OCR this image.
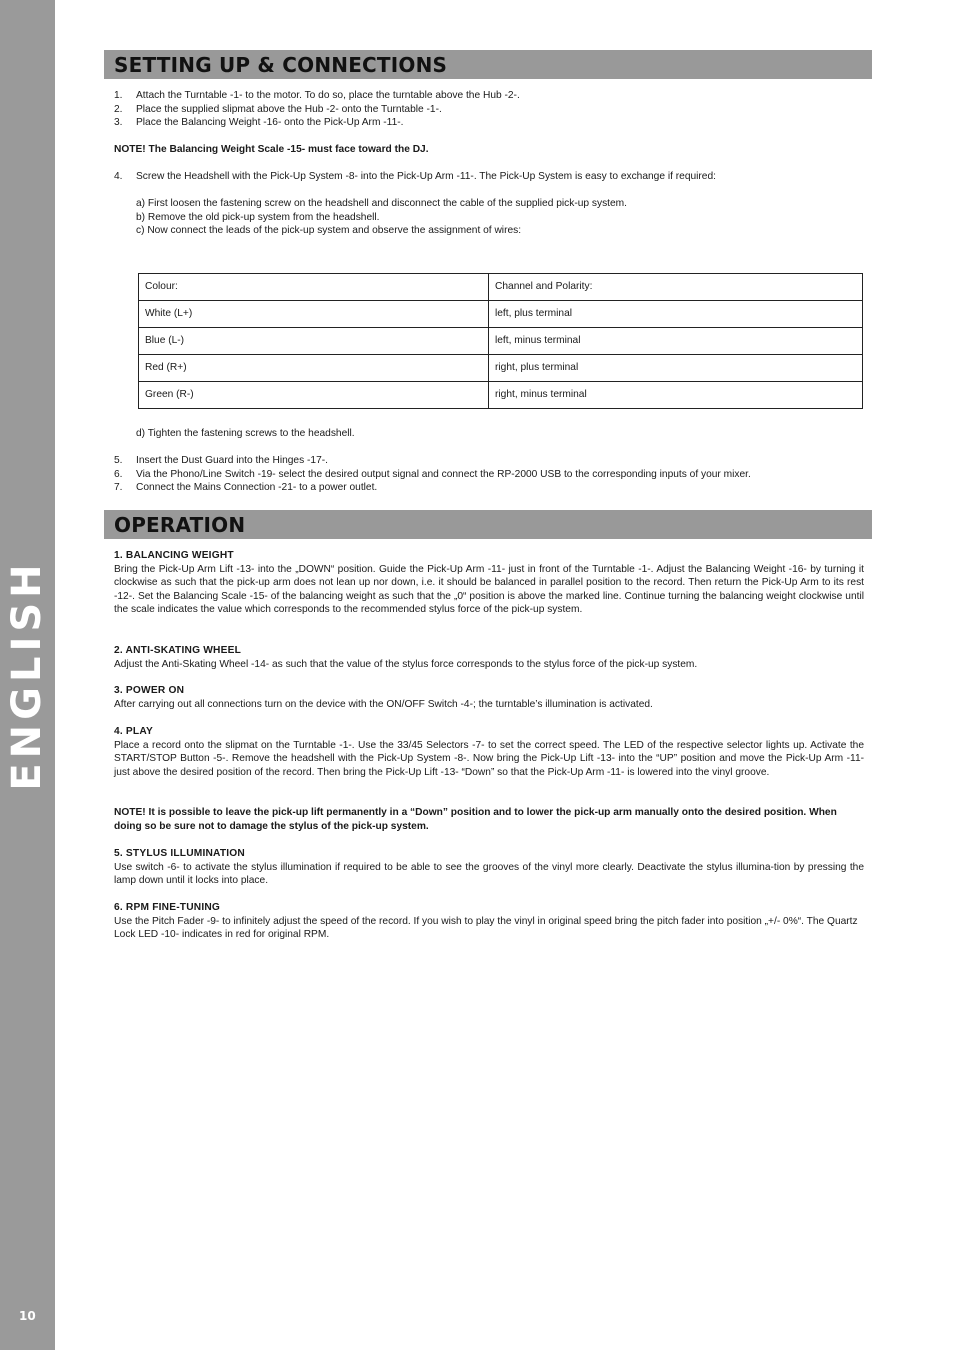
ENGLISH
10
SETTING UP & CONNECTIONS
1. Attach the Turntable -1- to the motor. To do so, place the turntable above the Hub -2-.
2. Place the supplied slipmat above the Hub -2- onto the Turntable -1-.
3. Place the Balancing Weight -16- onto the Pick-Up Arm -11-.
NOTE! The Balancing Weight Scale -15- must face toward the DJ.
4. Screw the Headshell with the Pick-Up System -8- into the Pick-Up Arm -11-. The Pick-Up System is easy to exchange if required:
a) First loosen the fastening screw on the headshell and disconnect the cable of the supplied pick-up system.
b) Remove the old pick-up system from the headshell.
c) Now connect the leads of the pick-up system and observe the assignment of wires:
Colour:	Channel and Polarity:
White (L+)	left, plus terminal
Blue (L-)	left, minus terminal
Red (R+)	right, plus terminal
Green (R-)	right, minus terminal
d) Tighten the fastening screws to the headshell.
5. Insert the Dust Guard into the Hinges -17-.
6. Via the Phono/Line Switch -19- select the desired output signal and connect the RP-2000 USB to the corresponding inputs of your mixer.
7. Connect the Mains Connection -21- to a power outlet.
OPERATION
1. BALANCING WEIGHT
Bring the Pick-Up Arm Lift -13- into the „DOWN“ position. Guide the Pick-Up Arm -11- just in front of the Turntable -1-. Adjust the Balancing Weight -16- by turning it clockwise as such that the pick-up arm does not lean up nor down, i.e. it should be balanced in parallel position to the record. Then return the Pick-Up Arm to its rest -12-. Set the Balancing Scale -15- of the balancing weight as such that the „0“ position is above the marked line. Continue turning the balancing weight clockwise until the scale indicates the value which corresponds to the recommended stylus force of the pick-up system.
2. ANTI-SKATING WHEEL
Adjust the Anti-Skating Wheel -14- as such that the value of the stylus force corresponds to the stylus force of the pick-up system.
3. POWER ON
After carrying out all connections turn on the device with the ON/OFF Switch -4-; the turntable’s illumination is activated.
4. PLAY
Place a record onto the slipmat on the Turntable -1-. Use the 33/45 Selectors -7- to set the correct speed. The LED of the respective selector lights up. Activate the START/STOP Button -5-. Remove the headshell with the Pick-Up System -8-. Now bring the Pick-Up Lift -13- into the “UP” position and move the Pick-Up Arm -11- just above the desired position of the record. Then bring the Pick-Up Lift -13- “Down” so that the Pick-Up Arm -11- is lowered into the vinyl groove.
NOTE! It is possible to leave the pick-up lift permanently in a “Down” position and to lower the pick-up arm manually onto the desired position. When doing so be sure not to damage the stylus of the pick-up system.
5. STYLUS ILLUMINATION
Use switch -6- to activate the stylus illumination if required to be able to see the grooves of the vinyl more clearly. Deactivate the stylus illumina-tion by pressing the lamp down until it locks into place.
6. RPM FINE-TUNING
Use the Pitch Fader -9- to infinitely adjust the speed of the record. If you wish to play the vinyl in original speed bring the pitch fader into position „+/- 0%“. The Quartz Lock LED -10- indicates in red for original RPM.
